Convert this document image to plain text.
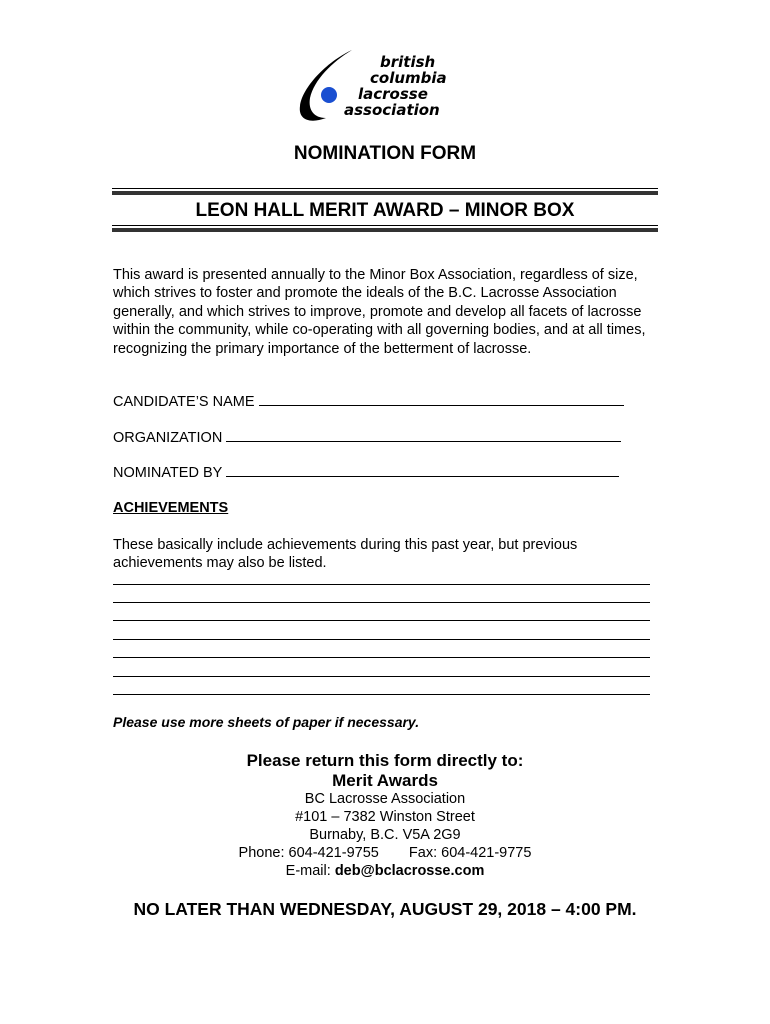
british
columbia
lacrosse
association
NOMINATION FORM
LEON HALL MERIT AWARD – MINOR BOX
This award is presented annually to the Minor Box Association, regardless of size, which strives to foster and promote the ideals of the B.C. Lacrosse Association generally, and which strives to improve, promote and develop all facets of lacrosse within the community, while co-operating with all governing bodies, and at all times, recognizing the primary importance of the betterment of lacrosse.
CANDIDATE’S NAME
ORGANIZATION
NOMINATED BY
ACHIEVEMENTS
These basically include achievements during this past year, but previous achievements may also be listed.
Please use more sheets of paper if necessary.
Please return this form directly to:
Merit Awards
BC Lacrosse Association
#101 – 7382 Winston Street
Burnaby, B.C. V5A 2G9
Phone: 604-421-9755 Fax: 604-421-9775
E-mail: deb@bclacrosse.com
NO LATER THAN WEDNESDAY, AUGUST 29, 2018 – 4:00 PM.
